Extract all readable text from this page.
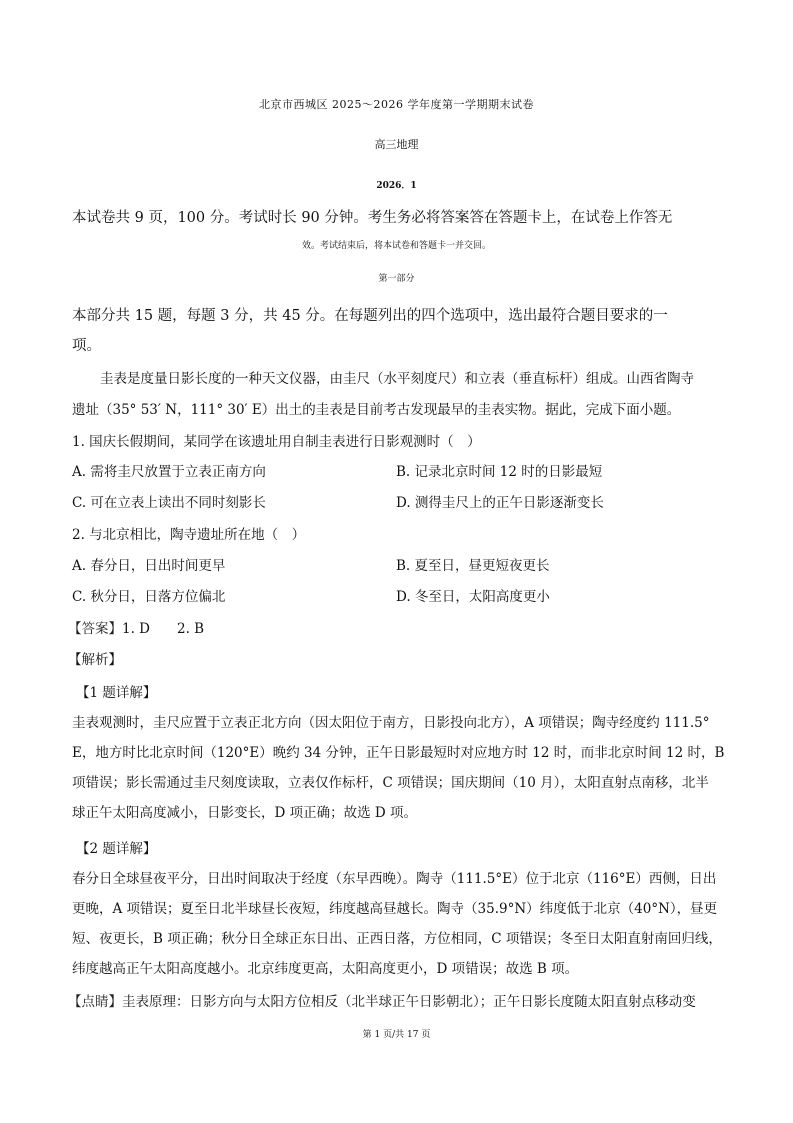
北京市西城区 2025～2026 学年度第一学期期末试卷
高三地理
2026．1
本试卷共 9 页，100 分。考试时长 90 分钟。考生务必将答案答在答题卡上，在试卷上作答无
效。考试结束后，将本试卷和答题卡一并交回。
第一部分
本部分共 15 题，每题 3 分，共 45 分。在每题列出的四个选项中，选出最符合题目要求的一
项。
圭表是度量日影长度的一种天文仪器，由圭尺（水平刻度尺）和立表（垂直标杆）组成。山西省陶寺
遗址（35° 53′ N，111° 30′ E）出土的圭表是目前考古发现最早的圭表实物。据此，完成下面小题。
1. 国庆长假期间，某同学在该遗址用自制圭表进行日影观测时（　）
A. 需将圭尺放置于立表正南方向	B. 记录北京时间 12 时的日影最短
C. 可在立表上读出不同时刻影长	D. 测得圭尺上的正午日影逐渐变长
2. 与北京相比，陶寺遗址所在地（　）
A. 春分日，日出时间更早	B. 夏至日，昼更短夜更长
C. 秋分日，日落方位偏北	D. 冬至日，太阳高度更小
【答案】1. D　　2. B
【解析】
【1 题详解】
圭表观测时，圭尺应置于立表正北方向（因太阳位于南方，日影投向北方），A 项错误；陶寺经度约 111.5°
E，地方时比北京时间（120°E）晚约 34 分钟，正午日影最短时对应地方时 12 时，而非北京时间 12 时，B
项错误；影长需通过圭尺刻度读取，立表仅作标杆，C 项错误；国庆期间（10 月），太阳直射点南移，北半
球正午太阳高度减小，日影变长，D 项正确；故选 D 项。
【2 题详解】
春分日全球昼夜平分，日出时间取决于经度（东早西晚）。陶寺（111.5°E）位于北京（116°E）西侧，日出
更晚，A 项错误；夏至日北半球昼长夜短，纬度越高昼越长。陶寺（35.9°N）纬度低于北京（40°N），昼更
短、夜更长，B 项正确；秋分日全球正东日出、正西日落，方位相同，C 项错误；冬至日太阳直射南回归线，
纬度越高正午太阳高度越小。北京纬度更高，太阳高度更小，D 项错误；故选 B 项。
【点睛】圭表原理：日影方向与太阳方位相反（北半球正午日影朝北）；正午日影长度随太阳直射点移动变
第 1 页/共 17 页
